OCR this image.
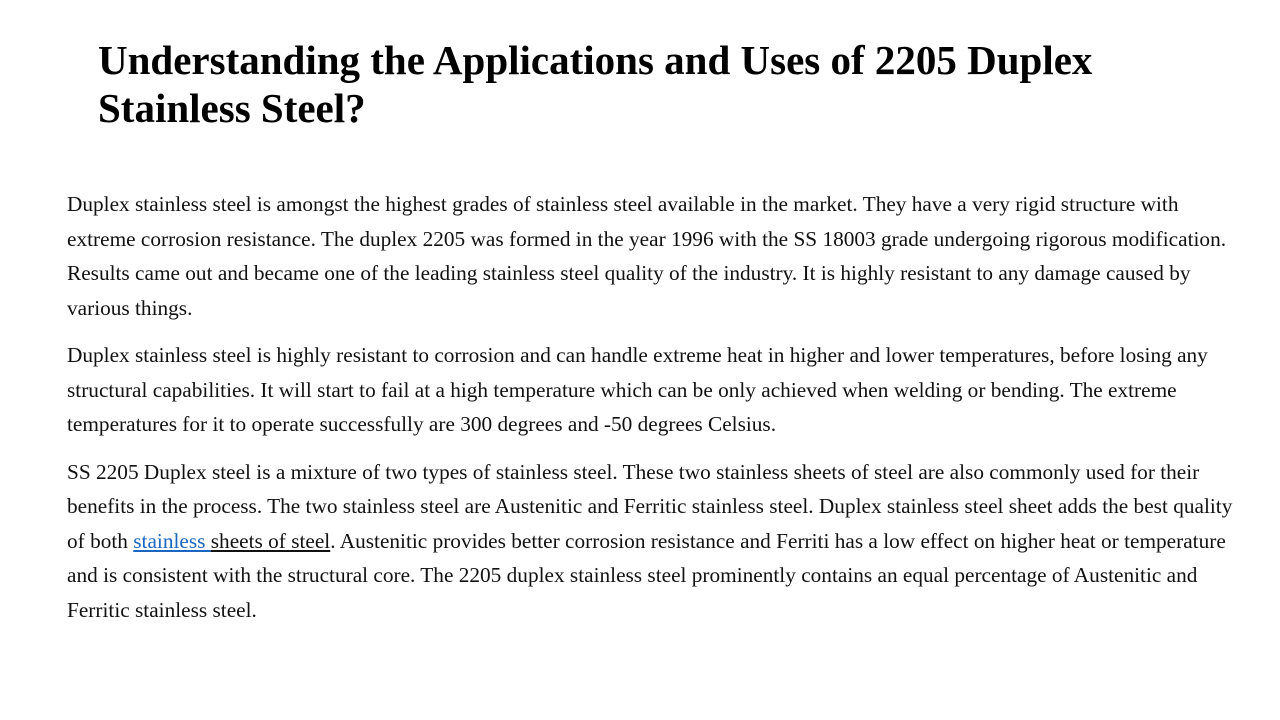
Understanding the Applications and Uses of 2205 Duplex Stainless Steel?

Duplex stainless steel is amongst the highest grades of stainless steel available in the market. They have a very rigid structure with extreme corrosion resistance. The duplex 2205 was formed in the year 1996 with the SS 18003 grade undergoing rigorous modification. Results came out and became one of the leading stainless steel quality of the industry. It is highly resistant to any damage caused by various things.

Duplex stainless steel is highly resistant to corrosion and can handle extreme heat in higher and lower temperatures, before losing any structural capabilities. It will start to fail at a high temperature which can be only achieved when welding or bending. The extreme temperatures for it to operate successfully are 300 degrees and -50 degrees Celsius.

SS 2205 Duplex steel is a mixture of two types of stainless steel. These two stainless sheets of steel are also commonly used for their benefits in the process. The two stainless steel are Austenitic and Ferritic stainless steel. Duplex stainless steel sheet adds the best quality of both stainless sheets of steel. Austenitic provides better corrosion resistance and Ferriti has a low effect on higher heat or temperature and is consistent with the structural core. The 2205 duplex stainless steel prominently contains an equal percentage of Austenitic and Ferritic stainless steel.
